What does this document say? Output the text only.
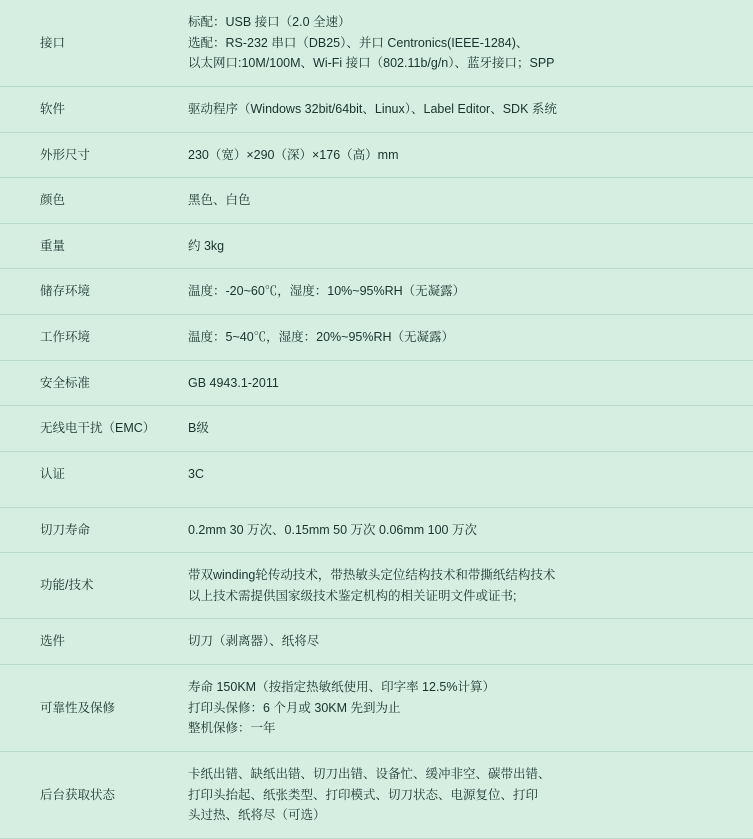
接口	标配：USB 接口（2.0 全速）
选配：RS-232 串口（DB25）、并口 Centronics(IEEE-1284)、
以太网口:10M/100M、Wi-Fi 接口（802.11b/g/n）、蓝牙接口；SPP

软件	驱动程序（Windows 32bit/64bit、Linux）、Label Editor、SDK 系统

外形尺寸	230（宽）×290（深）×176（高）mm

颜色	黑色、白色

重量	约 3kg

储存环境	温度：-20~60℃，湿度：10%~95%RH（无凝露）

工作环境	温度：5~40℃，湿度：20%~95%RH（无凝露）

安全标准	GB 4943.1-2011

无线电干扰（EMC）	B级

认证	3C

切刀寿命	0.2mm 30 万次、0.15mm 50 万次 0.06mm 100 万次

功能/技术	带双winding轮传动技术，带热敏头定位结构技术和带撕纸结构技术
以上技术需提供国家级技术鉴定机构的相关证明文件或证书;

选件	切刀（剥离器）、纸将尽

可靠性及保修	寿命 150KM（按指定热敏纸使用、印字率 12.5%计算）
打印头保修：6 个月或 30KM 先到为止
整机保修：一年

后台获取状态	卡纸出错、缺纸出错、切刀出错、设备忙、缓冲非空、碳带出错、
打印头抬起、纸张类型、打印模式、切刀状态、电源复位、打印
头过热、纸将尽（可选）
